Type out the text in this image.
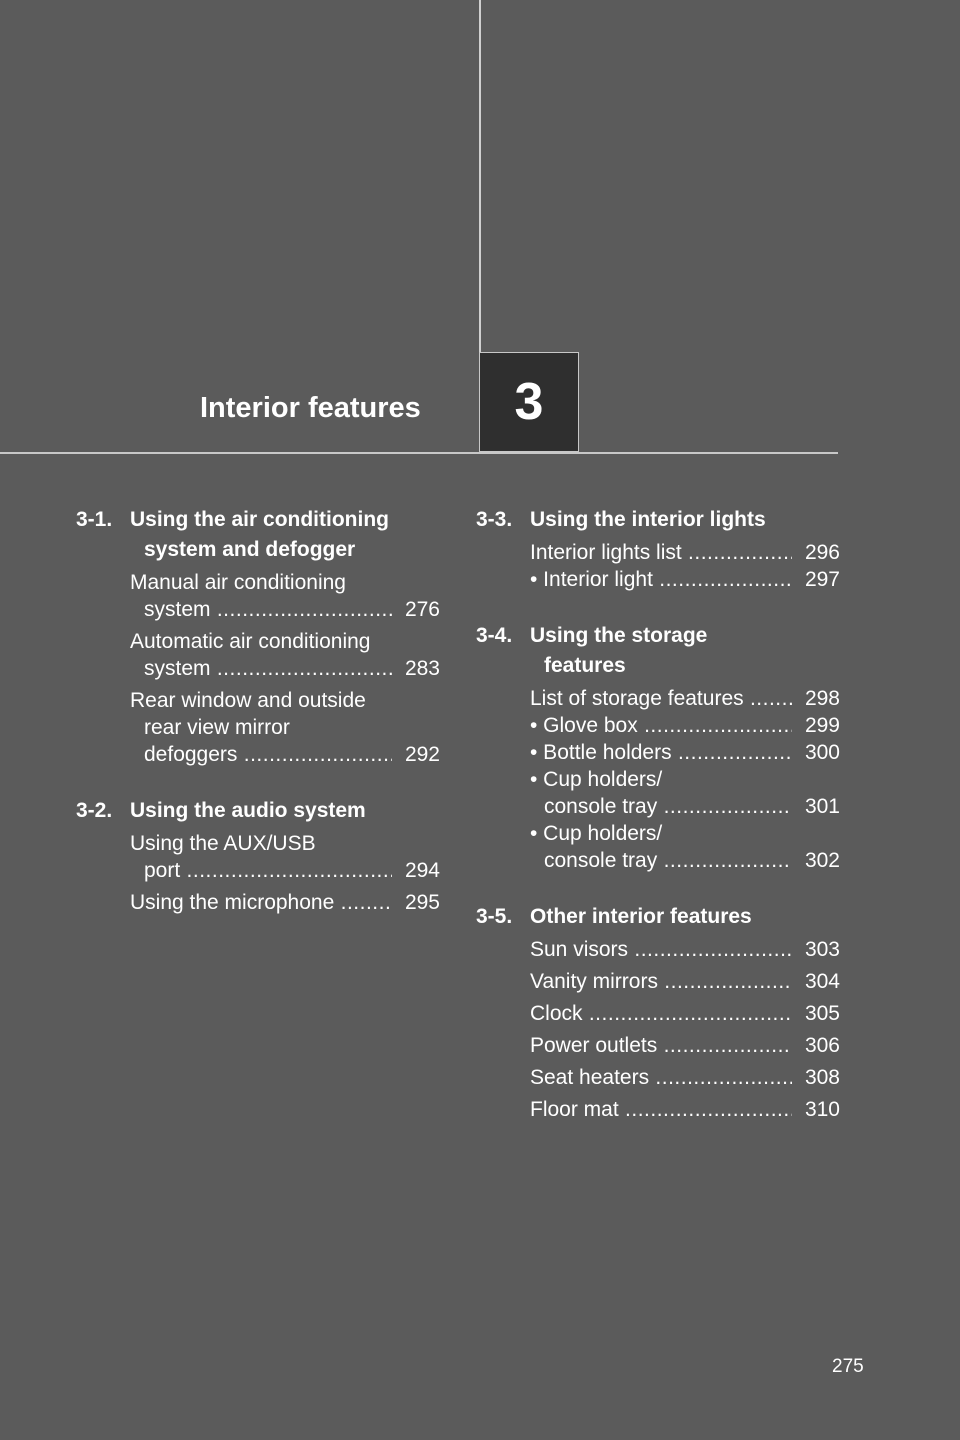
3
Interior features
3-1. Using the air conditioning
system and defogger
Manual air conditioning
system .....	276
Automatic air conditioning
system .....	283
Rear window and outside
rear view mirror
defoggers .....	292
3-2. Using the audio system
Using the AUX/USB
port .....	294
Using the microphone .....	295
3-3. Using the interior lights
Interior lights list .....	296
• Interior light .....	297
3-4. Using the storage
features
List of storage features .....	298
• Glove box .....	299
• Bottle holders .....	300
• Cup holders/
console tray .....	301
• Cup holders/
console tray .....	302
3-5. Other interior features
Sun visors .....	303
Vanity mirrors .....	304
Clock .....	305
Power outlets .....	306
Seat heaters .....	308
Floor mat .....	310
275
